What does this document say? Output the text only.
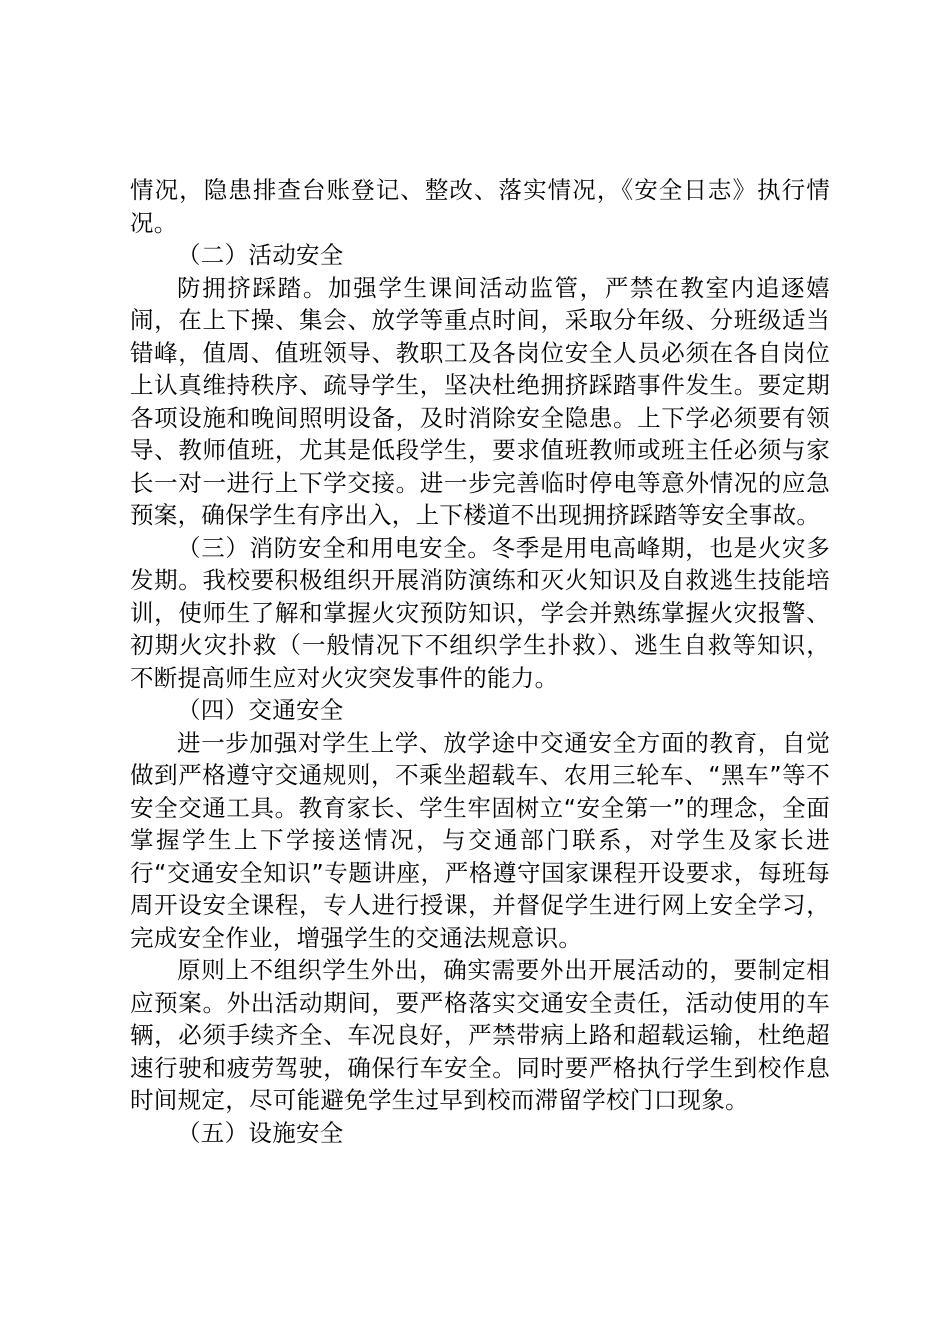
情况，隐患排查台账登记、整改、落实情况，《安全日志》执行情况。

（二）活动安全

防拥挤踩踏。加强学生课间活动监管，严禁在教室内追逐嬉闹，在上下操、集会、放学等重点时间，采取分年级、分班级适当错峰，值周、值班领导、教职工及各岗位安全人员必须在各自岗位上认真维持秩序、疏导学生，坚决杜绝拥挤踩踏事件发生。要定期各项设施和晚间照明设备，及时消除安全隐患。上下学必须要有领导、教师值班，尤其是低段学生，要求值班教师或班主任必须与家长一对一进行上下学交接。进一步完善临时停电等意外情况的应急预案，确保学生有序出入，上下楼道不出现拥挤踩踏等安全事故。

（三）消防安全和用电安全。冬季是用电高峰期，也是火灾多发期。我校要积极组织开展消防演练和灭火知识及自救逃生技能培训，使师生了解和掌握火灾预防知识，学会并熟练掌握火灾报警、初期火灾扑救（一般情况下不组织学生扑救）、逃生自救等知识，不断提高师生应对火灾突发事件的能力。

（四）交通安全

进一步加强对学生上学、放学途中交通安全方面的教育，自觉做到严格遵守交通规则，不乘坐超载车、农用三轮车、“黑车”等不安全交通工具。教育家长、学生牢固树立“安全第一”的理念，全面掌握学生上下学接送情况，与交通部门联系，对学生及家长进行“交通安全知识”专题讲座，严格遵守国家课程开设要求，每班每周开设安全课程，专人进行授课，并督促学生进行网上安全学习，完成安全作业，增强学生的交通法规意识。

原则上不组织学生外出，确实需要外出开展活动的，要制定相应预案。外出活动期间，要严格落实交通安全责任，活动使用的车辆，必须手续齐全、车况良好，严禁带病上路和超载运输，杜绝超速行驶和疲劳驾驶，确保行车安全。同时要严格执行学生到校作息时间规定，尽可能避免学生过早到校而滞留学校门口现象。

（五）设施安全
